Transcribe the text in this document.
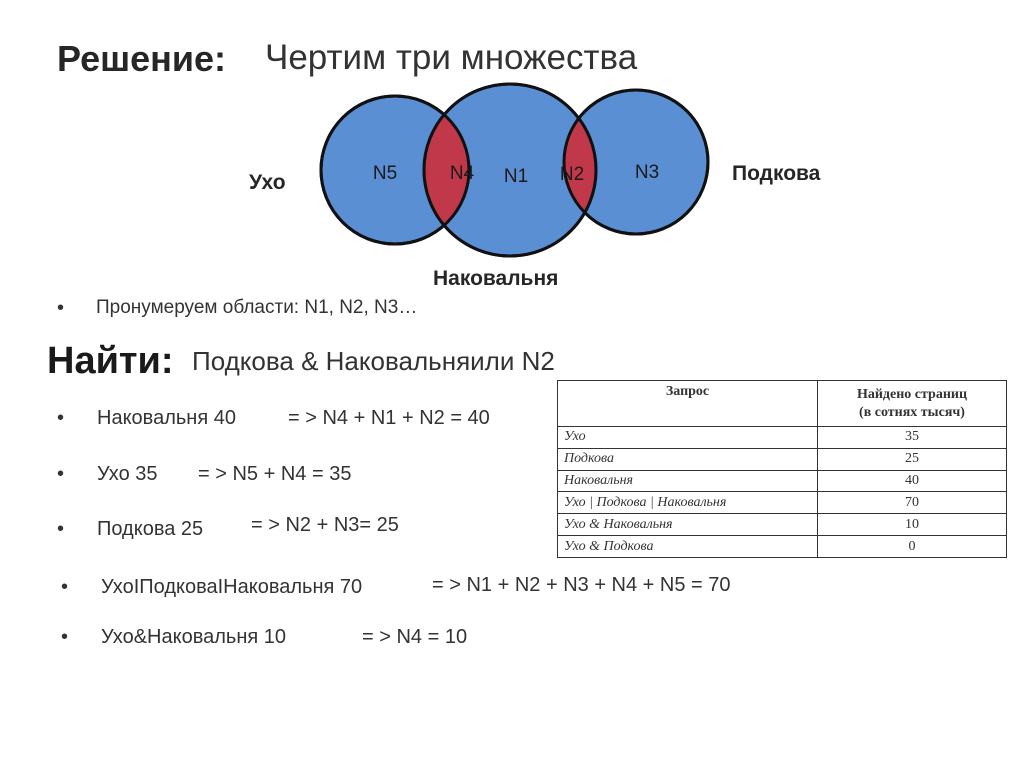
Решение: Чертим три множества
N5	N4 N1 N2	N3
Ухо	Подкова
Наковальня
• Пронумеруем области: N1, N2, N3…
Найти: Подкова & Наковальняили N2
• Наковальня 40	= > N4 + N1 + N2 = 40
• Ухо 35 = > N5 + N4 = 35
• Подкова 25 = > N2 + N3= 25
• УхоIПодковаIНаковальня 70	= > N1 + N2 + N3 + N4 + N5 = 70
• Ухо&Наковальня 10	= > N4 = 10
Запрос	Найдено страниц
(в сотнях тысяч)

Ухо	35
Подкова	25
Наковальня	40
Ухо | Подкова | Наковальня	70
Ухо & Наковальня	10
Ухо & Подкова	0
